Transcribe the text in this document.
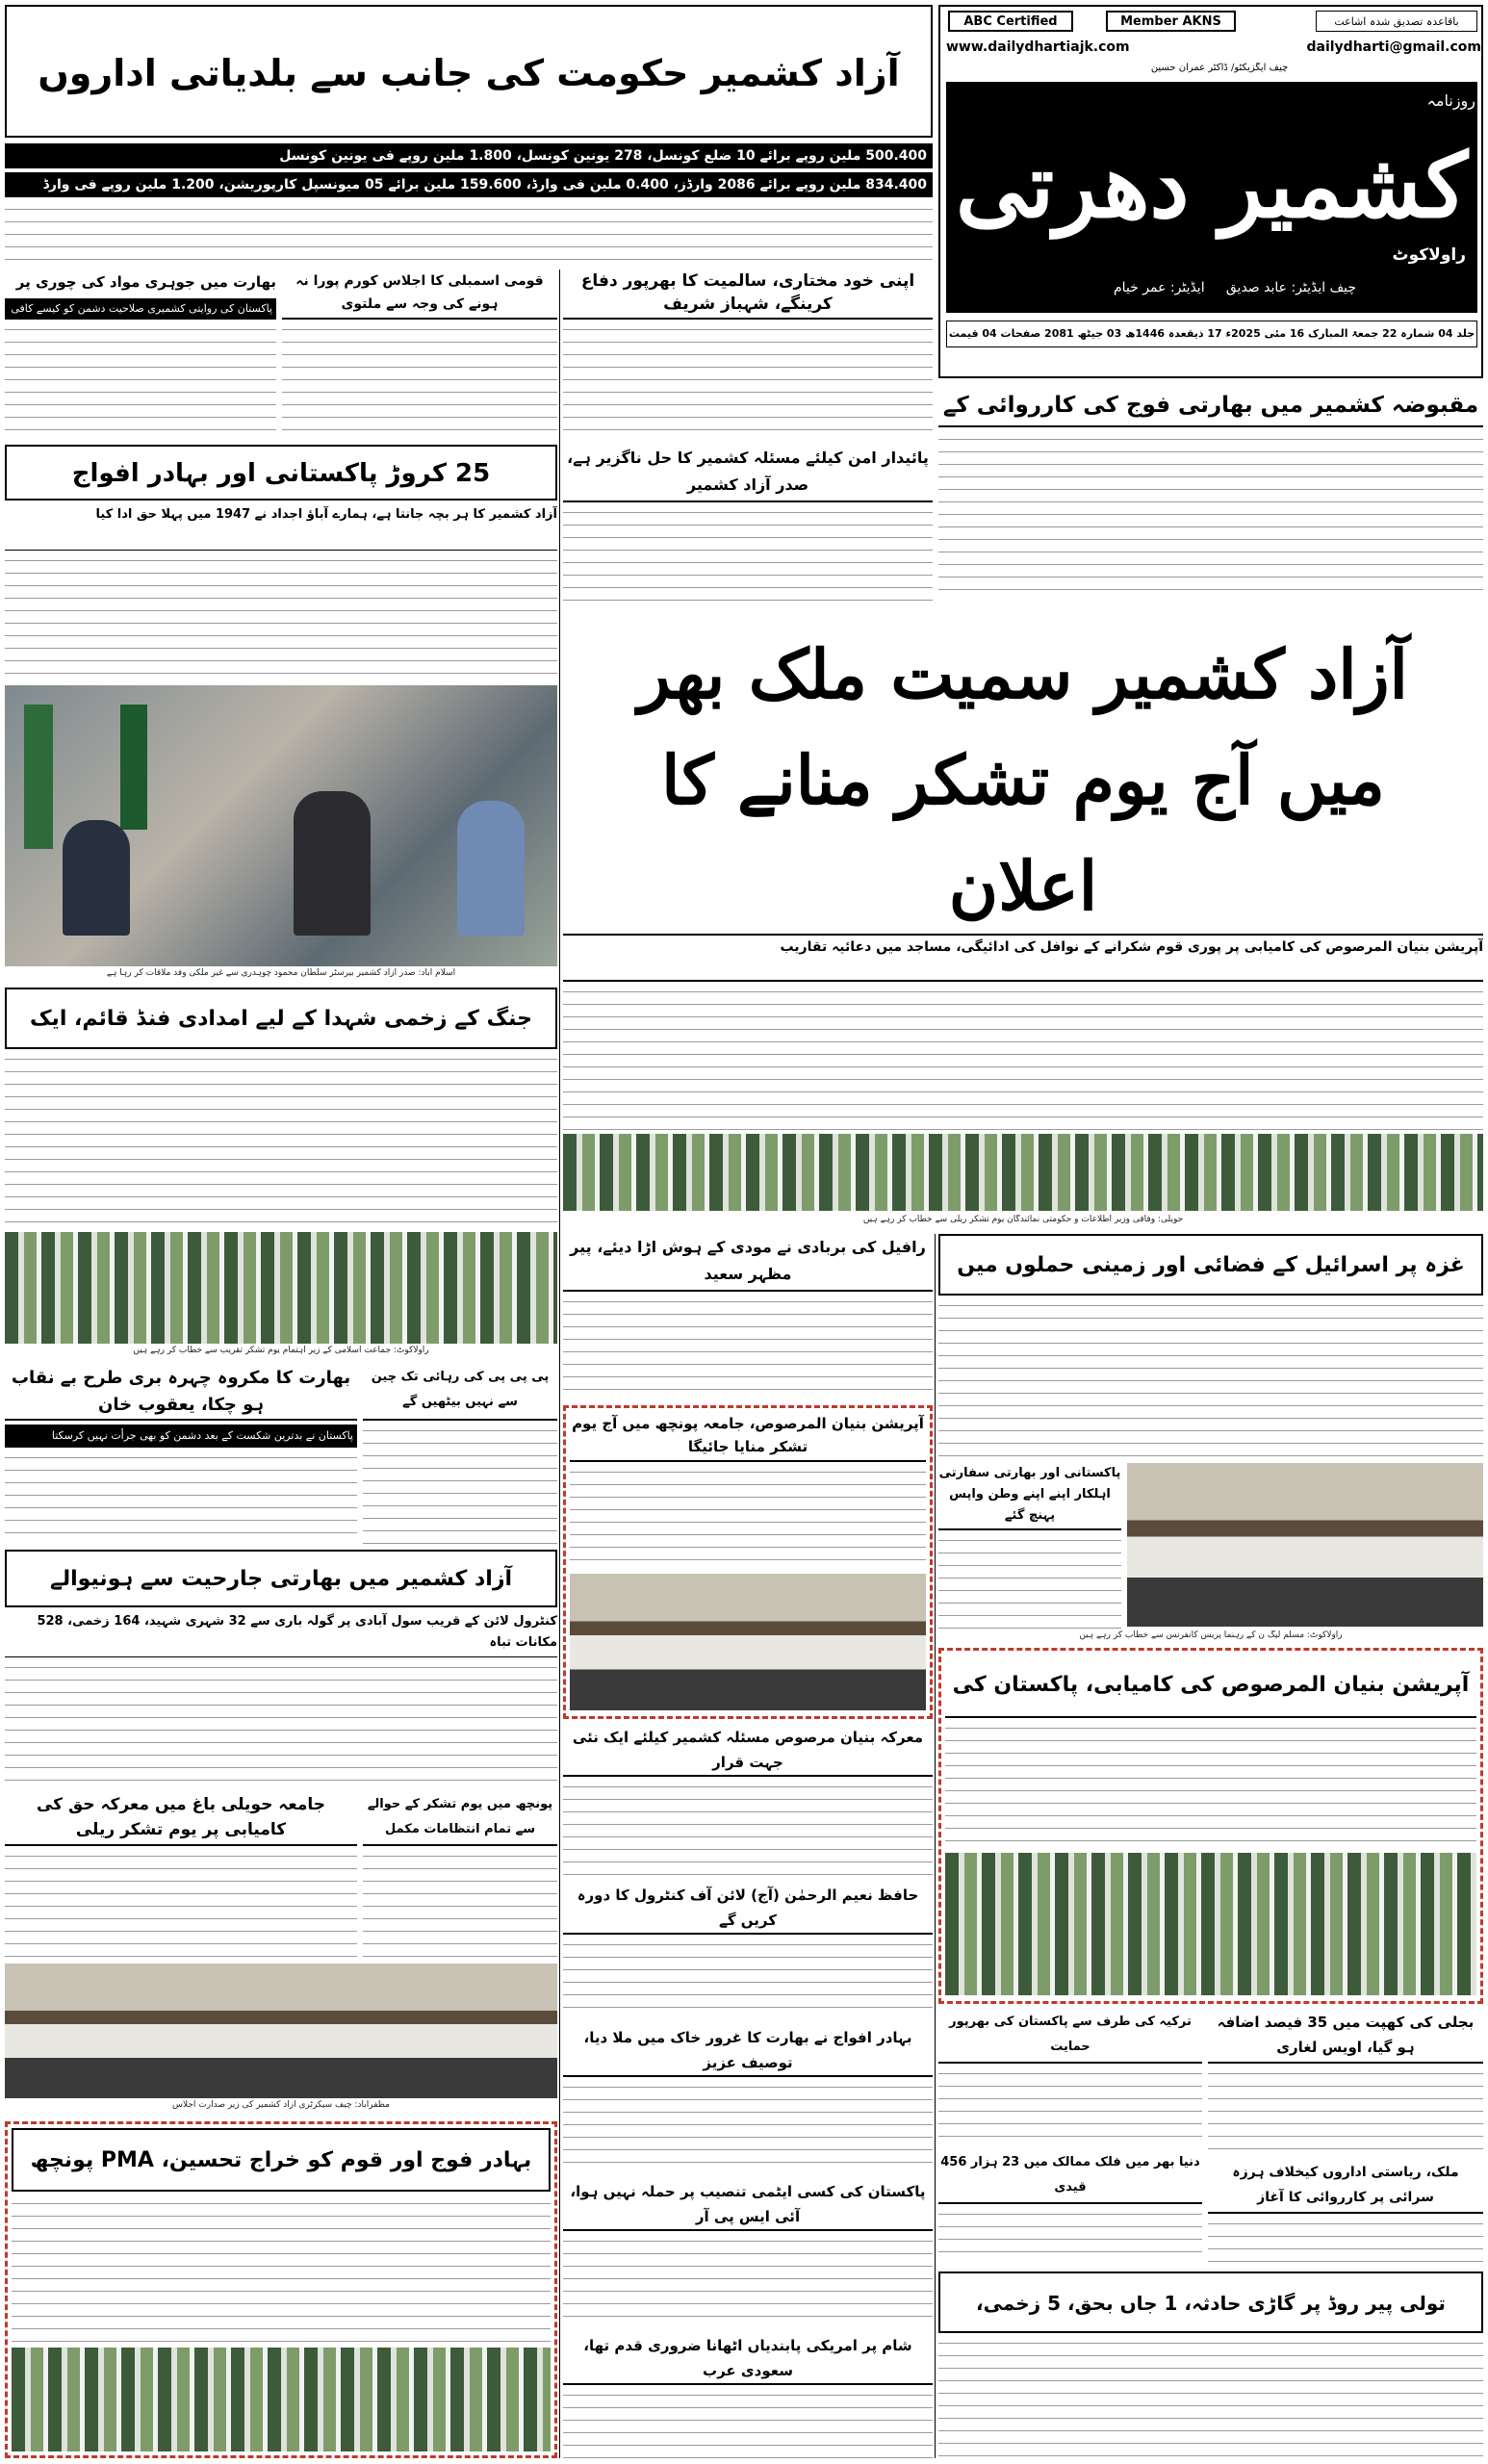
ABC Certified	Member AKNS	باقاعدہ تصدیق شدہ اشاعت
www.dailydhartiajk.com	dailydharti@gmail.com
چیف ایگزیکٹو/ ڈاکٹر عمران حسین
روزنامہ
کشمیر دھرتی
راولاکوٹ
چیف ایڈیٹر: عابد صدیق     ایڈیٹر: عمر خیام
جلد 04 شمارہ 22 جمعۃ المبارک 16 مئی 2025ء 17 ذیقعدہ 1446ھ 03 جیٹھ 2081 صفحات 04 قیمت
مقبوضہ کشمیر میں بھارتی فوج کی کارروائی کے
آزاد کشمیر حکومت کی جانب سے بلدیاتی اداروں
500.400 ملین روپے برائے 10 ضلع کونسل، 278 یونین کونسل، 1.800 ملین روپے فی یونین کونسل
834.400 ملین روپے برائے 2086 وارڈز، 0.400 ملین فی وارڈ، 159.600 ملین برائے 05 میونسپل کارپوریشن، 1.200 ملین روپے فی وارڈ
اپنی خود مختاری، سالمیت کا بھرپور دفاع کرینگے، شہباز شریف
قومی اسمبلی کا اجلاس کورم پورا نہ ہونے کی وجہ سے ملتوی
بھارت میں جوہری مواد کی چوری پر
پاکستان کی روایتی کشمیری صلاحیت دشمن کو کیسے کافی
25 کروڑ پاکستانی اور بہادر افواج
آزاد کشمیر کا ہر بچہ جانتا ہے، ہمارے آباؤ اجداد نے 1947 میں پہلا حق ادا کیا
پائیدار امن کیلئے مسئلہ کشمیر کا حل ناگزیر ہے، صدر آزاد کشمیر
آزاد کشمیر سمیت ملک بھر میں آج یوم تشکر منانے کا اعلان
آپریشن بنیان المرصوص کی کامیابی پر پوری قوم شکرانے کے نوافل کی ادائیگی، مساجد میں دعائیہ تقاریب
حویلی: وفاقی وزیر اطلاعات و حکومتی نمائندگان یوم تشکر ریلی سے خطاب کر رہے ہیں
اسلام آباد: صدر آزاد کشمیر بیرسٹر سلطان محمود چوہدری سے غیر ملکی وفد ملاقات کر رہا ہے
جنگ کے زخمی شہدا کے لیے امدادی فنڈ قائم، ایک
راولاکوٹ: جماعت اسلامی کے زیر اہتمام یوم تشکر تقریب سے خطاب کر رہے ہیں
بھارت کا مکروہ چہرہ بری طرح بے نقاب ہو چکا، یعقوب خان
پاکستان نے بدترین شکست کے بعد دشمن کو بھی جرأت نہیں کرسکتا
پی پی پی کی رہائی تک چین سے نہیں بیٹھیں گے
آزاد کشمیر میں بھارتی جارحیت سے ہونیوالے
کنٹرول لائن کے قریب سول آبادی پر گولہ باری سے 32 شہری شہید، 164 زخمی، 528 مکانات تباہ
جامعہ حویلی باغ میں معرکہ حق کی کامیابی پر یوم تشکر ریلی
پونچھ میں یوم تشکر کے حوالے سے تمام انتظامات مکمل
مظفرآباد: چیف سیکرٹری آزاد کشمیر کی زیر صدارت اجلاس
بہادر فوج اور قوم کو خراج تحسین، PMA پونچھ
رافیل کی بربادی نے مودی کے ہوش اڑا دیئے، پیر مظہر سعید
آپریشن بنیان المرصوص، جامعہ پونچھ میں آج یوم تشکر منایا جائیگا
معرکہ بنیان مرصوص مسئلہ کشمیر کیلئے ایک نئی جہت قرار
حافظ نعیم الرحمٰن (آج) لائن آف کنٹرول کا دورہ کریں گے
بہادر افواج نے بھارت کا غرور خاک میں ملا دیا، توصیف عزیز
پاکستان کی کسی ایٹمی تنصیب پر حملہ نہیں ہوا، آئی ایس پی آر
شام پر امریکی پابندیاں اٹھانا ضروری قدم تھا، سعودی عرب
غزہ پر اسرائیل کے فضائی اور زمینی حملوں میں
پاکستانی اور بھارتی سفارتی اہلکار اپنے اپنے وطن واپس پہنچ گئے
راولاکوٹ: مسلم لیگ ن کے رہنما پریس کانفرنس سے خطاب کر رہے ہیں
آپریشن بنیان المرصوص کی کامیابی، پاکستان کی
بجلی کی کھپت میں 35 فیصد اضافہ ہو گیا، اویس لغاری
ترکیہ کی طرف سے پاکستان کی بھرپور حمایت
دنیا بھر میں فلک ممالک میں 23 ہزار 456 قیدی
ملک، ریاستی اداروں کیخلاف ہرزہ سرائی پر کارروائی کا آغاز
تولی پیر روڈ پر گاڑی حادثہ، 1 جاں بحق، 5 زخمی،
